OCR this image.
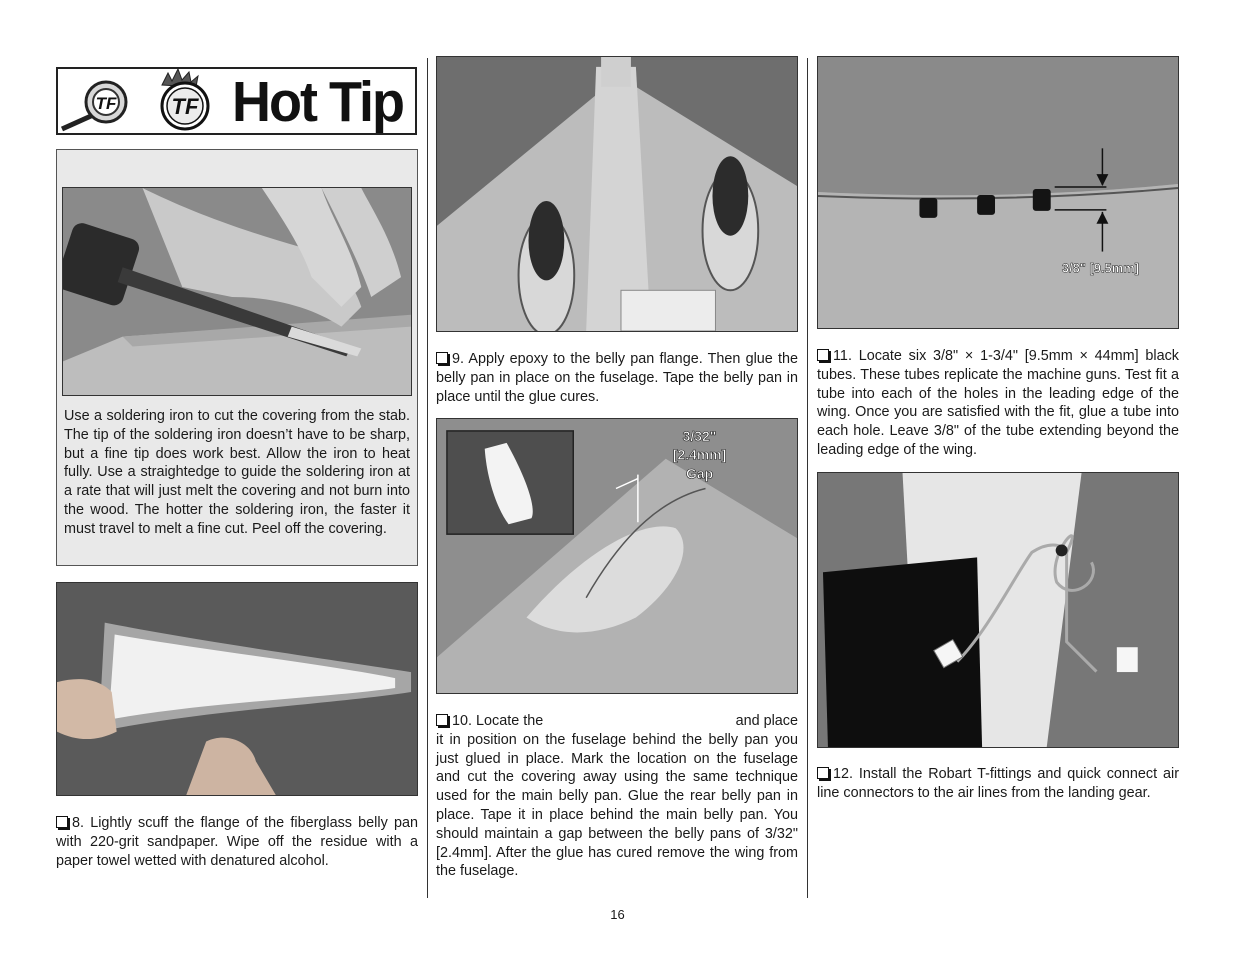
TF	TF Hot Tip
Use a soldering iron to cut the covering from the stab. The tip of the soldering iron doesn’t have to be sharp, but a fine tip does work best. Allow the iron to heat fully. Use a straightedge to guide the soldering iron at a rate that will just melt the covering and not burn into the wood. The hotter the soldering iron, the faster it must travel to melt a fine cut. Peel off the covering.
8. Lightly scuff the flange of the fiberglass belly pan with 220-grit sandpaper. Wipe off the residue with a paper towel wetted with denatured alcohol.
9. Apply epoxy to the belly pan flange. Then glue the belly pan in place on the fuselage. Tape the belly pan in place until the glue cures.
3/32"
[2.4mm]
Gap
10. Locate the	and place
it in position on the fuselage behind the belly pan you just glued in place. Mark the location on the fuselage and cut the covering away using the same technique used for the main belly pan. Glue the rear belly pan in place. Tape it in place behind the main belly pan. You should maintain a gap between the belly pans of 3/32" [2.4mm]. After the glue has cured remove the wing from the fuselage.
3/8" [9.5mm]
11. Locate six 3/8" × 1-3/4" [9.5mm × 44mm] black tubes. These tubes replicate the machine guns. Test fit a tube into each of the holes in the leading edge of the wing. Once you are satisfied with the fit, glue a tube into each hole. Leave 3/8" of the tube extending beyond the leading edge of the wing.
12. Install the Robart T-fittings and quick connect air line connectors to the air lines from the landing gear.
16
